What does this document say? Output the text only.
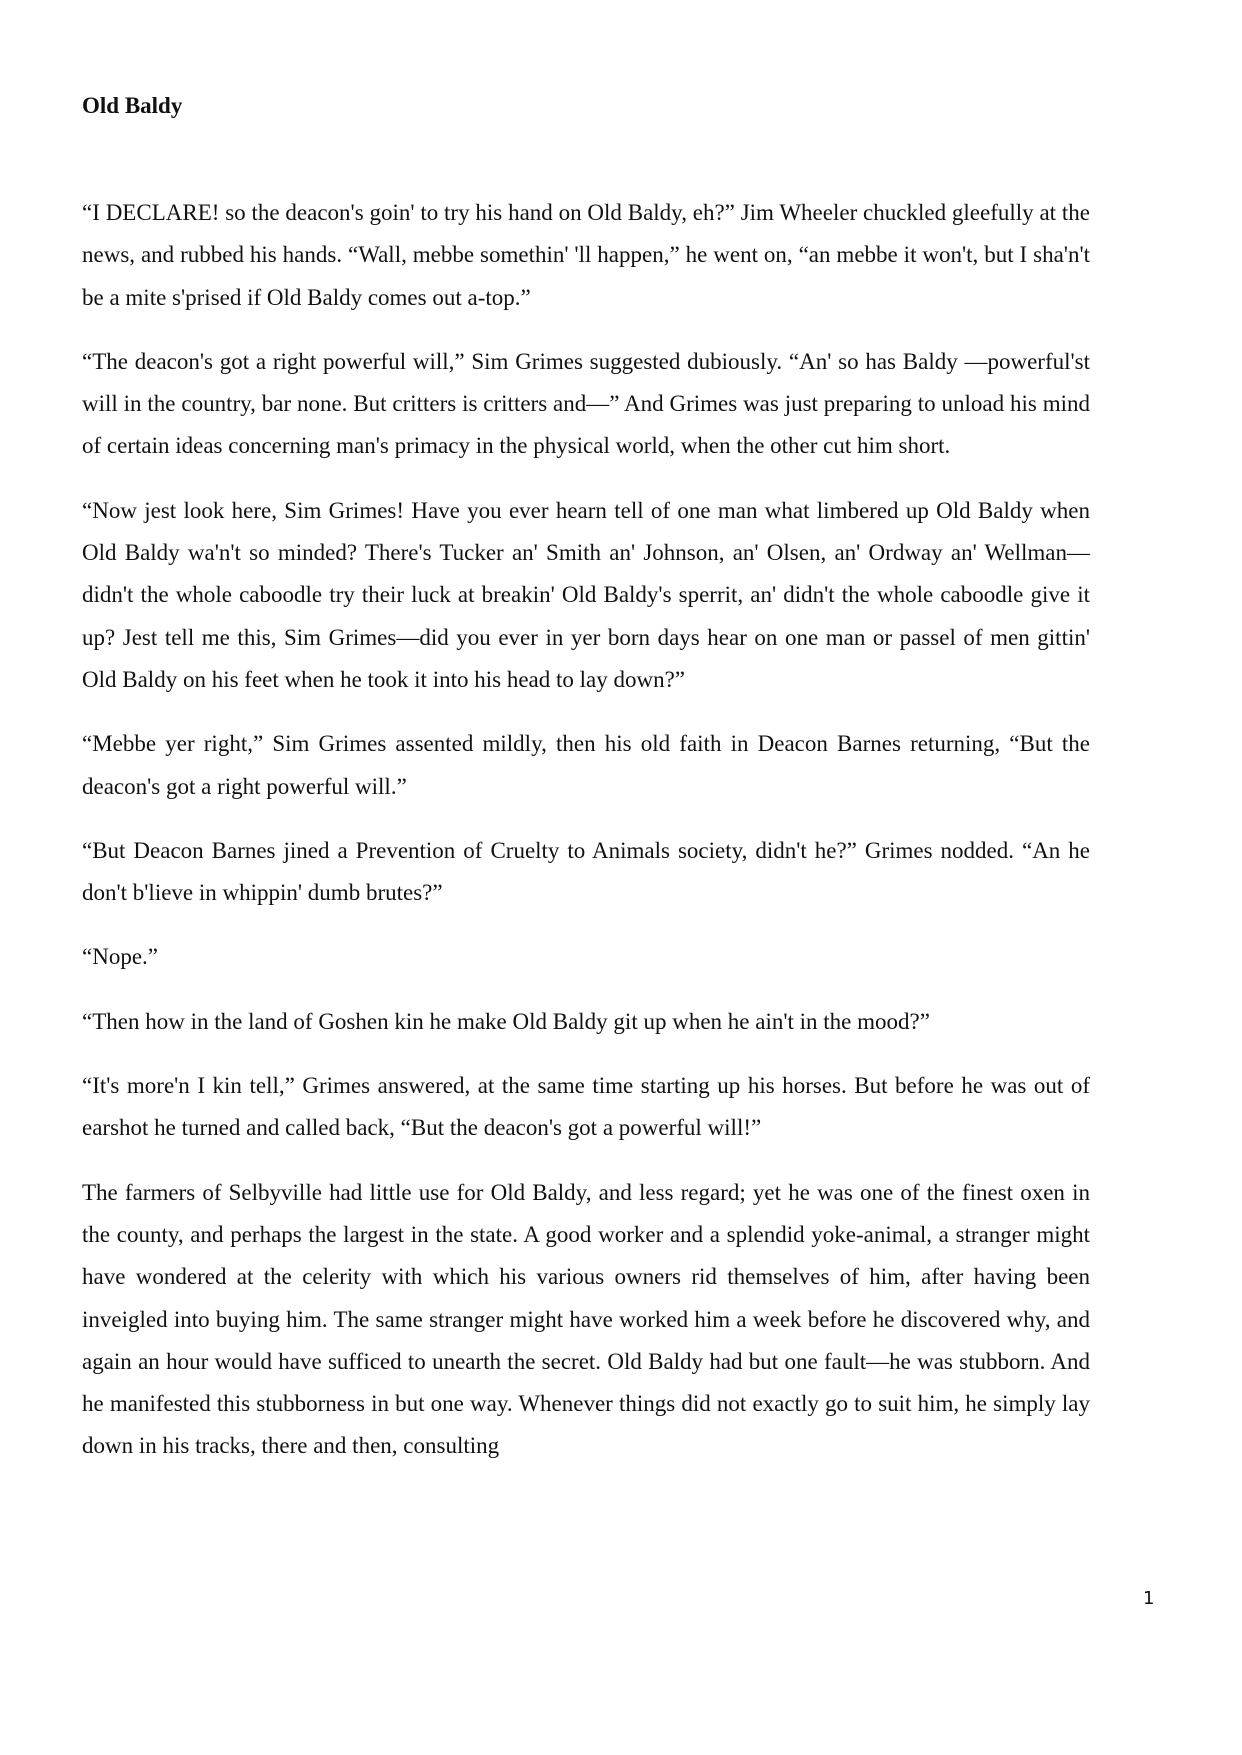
Old Baldy

“I DECLARE! so the deacon's goin' to try his hand on Old Baldy, eh?” Jim Wheeler chuckled gleefully at the news, and rubbed his hands. “Wall, mebbe somethin' 'll happen,” he went on, “an mebbe it won't, but I sha'n't be a mite s'prised if Old Baldy comes out a-top.”

“The deacon's got a right powerful will,” Sim Grimes suggested dubiously. “An' so has Baldy —powerful'st will in the country, bar none. But critters is critters and—” And Grimes was just preparing to unload his mind of certain ideas concerning man's primacy in the physical world, when the other cut him short.

“Now jest look here, Sim Grimes! Have you ever hearn tell of one man what limbered up Old Baldy when Old Baldy wa'n't so minded? There's Tucker an' Smith an' Johnson, an' Olsen, an' Ordway an' Wellman—didn't the whole caboodle try their luck at breakin' Old Baldy's sperrit, an' didn't the whole caboodle give it up? Jest tell me this, Sim Grimes—did you ever in yer born days hear on one man or passel of men gittin' Old Baldy on his feet when he took it into his head to lay down?”

“Mebbe yer right,” Sim Grimes assented mildly, then his old faith in Deacon Barnes returning, “But the deacon's got a right powerful will.”

“But Deacon Barnes jined a Prevention of Cruelty to Animals society, didn't he?” Grimes nodded. “An he don't b'lieve in whippin' dumb brutes?”

“Nope.”

“Then how in the land of Goshen kin he make Old Baldy git up when he ain't in the mood?”

“It's more'n I kin tell,” Grimes answered, at the same time starting up his horses. But before he was out of earshot he turned and called back, “But the deacon's got a powerful will!”

The farmers of Selbyville had little use for Old Baldy, and less regard; yet he was one of the finest oxen in the county, and perhaps the largest in the state. A good worker and a splendid yoke-animal, a stranger might have wondered at the celerity with which his various owners rid themselves of him, after having been inveigled into buying him. The same stranger might have worked him a week before he discovered why, and again an hour would have sufficed to unearth the secret. Old Baldy had but one fault—he was stubborn. And he manifested this stubborness in but one way. Whenever things did not exactly go to suit him, he simply lay down in his tracks, there and then, consulting

1
